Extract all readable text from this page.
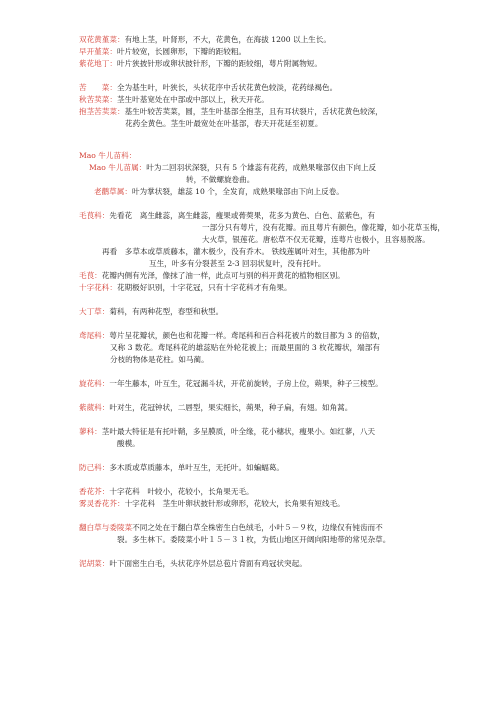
双花黄堇菜：有地上茎，叶肾形，不大，花黄色，在海拔 1200 以上生长。
早开堇菜：叶片较宽，长圆卵形，下瓣的距较粗。
紫花地丁：叶片狭披针形或卵状披针形，下瓣的距较细，萼片附属物短。
苦　　菜：全为基生叶，叶狭长，头状花序中舌状花黄色较淡，花药绿褐色。
秋苦荬菜：茎生叶基宽处在中部或中部以上，秋天开花。
抱茎苦荬菜：基生叶较苦荬菜，圆，茎生叶基部全抱茎，且有耳状裂片，舌状花黄色较深，
花药全黄色。茎生叶最宽处在叶基部，春天开花延至初夏。
Mao 牛儿苗科：
Mao 牛儿苗属：叶为二回羽状深裂，只有 5 个雄蕊有花药，成熟果喙部仅由下向上反
转，不做螺旋卷曲。
老鹳草属：叶为掌状裂，雄蕊 10 个，全发育，成熟果喙部由下向上反卷。
毛茛科：先看花　离生雌蕊，离生雌蕊，瘦果或蓇葖果，花多为黄色、白色、蓝紫色，有
一部分只有萼片，没有花瓣。而且萼片有颜色，像花瓣，如小花草玉梅，
大火草，银莲花。唐松草不仅无花瓣，连萼片也极小，且容易脱落。
再看　多草本或草质藤本，灌木极少，没有乔木。 铁线莲属叶对生，其他都为叶
互生，叶多有分裂甚至 2-3 回羽状复叶，没有托叶。
毛茛：花瓣内侧有光泽，像抹了油一样，此点可与别的科开黄花的植物相区别。
十字花科：花期极好识别，十字花冠，只有十字花科才有角果。
大丁草：菊科，有两种花型，春型和秋型。
鸢尾科：萼片呈花瓣状，颜色也和花瓣一样。鸢尾科和百合科花被片的数目都为 3 的倍数，
又称 3 数花。鸢尾科花的雄蕊贴在外轮花被上；而最里面的 3 枚花瓣状，端部有
分枝的物体是花柱。如马蔺。
旋花科：一年生藤本，叶互生，花冠漏斗状，开花前旋转，子房上位，蒴果，种子三棱型。
紫葳科：叶对生，花冠钟状，二唇型，果实细长，蒴果，种子扁，有翅。如角蒿。
蓼科：茎叶最大特征是有托叶鞘，多呈膜质，叶全缘，花小穗状，瘦果小。如红蓼，八天
酸模。
防己科：多木质或草质藤本，单叶互生，无托叶。如蝙蝠葛。
香花芥：十字花科　叶较小，花较小，长角果无毛。
雾灵香花芥：十字花科　茎生叶卵状披针形或卵形，花较大，长角果有短线毛。
翻白草与委陵菜不同之处在于翻白草全株密生白色绒毛，小叶５－９枚，边缘仅有钝齿而不
裂。多生林下。委陵菜小叶１５－３１枚，为低山地区开阔向阳地带的常见杂草。
泥胡菜：叶下面密生白毛，头状花序外层总苞片背面有鸡冠状突起。
